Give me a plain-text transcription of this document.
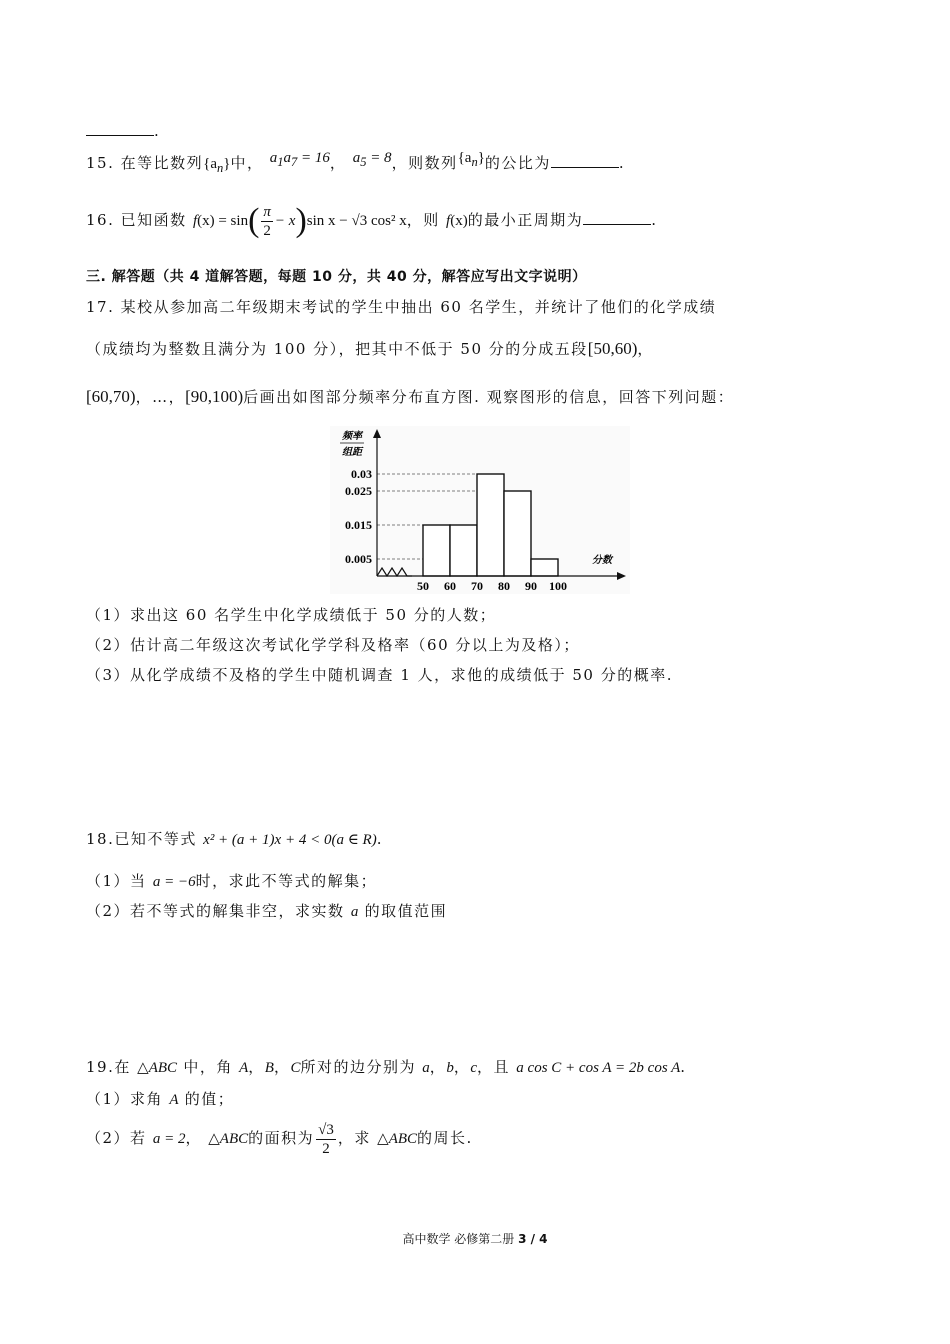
.
15. 在等比数列$\{a_n\}$中， $a_1a_7 = 16$， $a_5 = 8$，则数列$\{a_n\}$的公比为	.
16. 已知函数 $f(x) = \sin( \frac{\pi}{2} - x)\sin$ x − √3 cos² x，则 f(x)的最小正周期为	.
三. 解答题（共 4 道解答题，每题 10 分，共 40 分，解答应写出文字说明）
17. 某校从参加高二年级期末考试的学生中抽出 60 名学生，并统计了他们的化学成绩
（成绩均为整数且满分为 100 分），把其中不低于 50 分的分成五段[50,60)，
[60,70)，…，[90,100)后画出如图部分频率分布直方图. 观察图形的信息，回答下列问题：
频率
组距
分数
0.03
0.025
0.015
0.005
50 60 70 80 90 100
（1）求出这 60 名学生中化学成绩低于 50 分的人数；
（2）估计高二年级这次考试化学学科及格率（60 分以上为及格）；
（3）从化学成绩不及格的学生中随机调查 1 人，求他的成绩低于 50 分的概率.
18.已知不等式 x² + (a + 1)x + 4 < 0(a ∈ R).
（1）当 a = −6时，求此不等式的解集；
（2）若不等式的解集非空，求实数 a 的取值范围
19.在 △ABC 中，角 A，B，C所对的边分别为 a，b，c，且 a cos C + cos A = 2b cos A.
（1）求角 A 的值；
（2）若 a = 2， △ABC的面积为 $\frac{√3}{2}$ ，求 △ABC的周长.
高中数学 必修第二册 3 / 4
